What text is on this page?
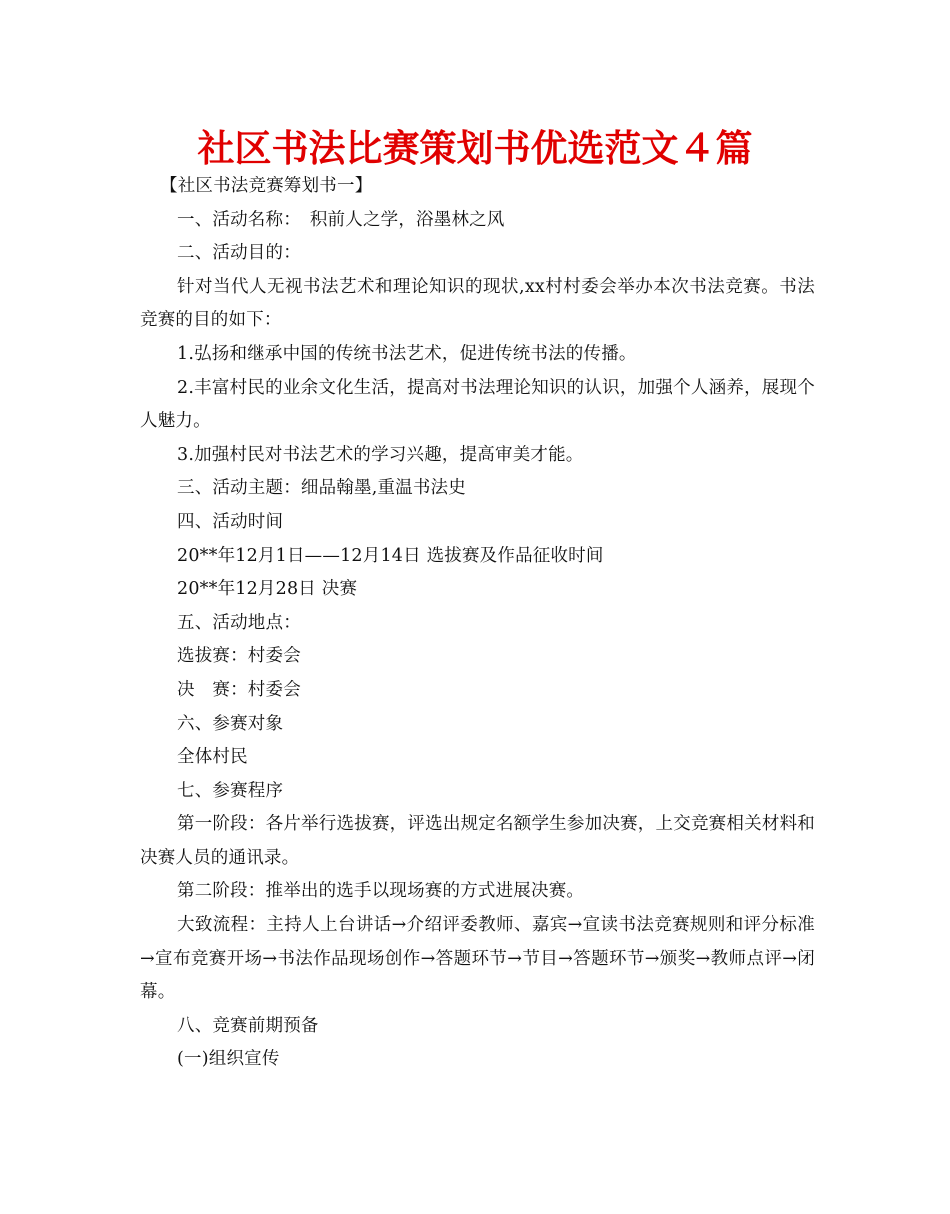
社区书法比赛策划书优选范文４篇

【社区书法竞赛筹划书一】

一、活动名称：　积前人之学，浴墨林之风

二、活动目的：

针对当代人无视书法艺术和理论知识的现状,xx村村委会举办本次书法竞赛。书法竞赛的目的如下：

1.弘扬和继承中国的传统书法艺术，促进传统书法的传播。

2.丰富村民的业余文化生活，提高对书法理论知识的认识，加强个人涵养，展现个人魅力。

3.加强村民对书法艺术的学习兴趣，提高审美才能。

三、活动主题：细品翰墨,重温书法史

四、活动时间

20**年12月1日——12月14日 选拔赛及作品征收时间

20**年12月28日 决赛

五、活动地点：

选拔赛：村委会

决　赛：村委会

六、参赛对象

全体村民

七、参赛程序

第一阶段：各片举行选拔赛，评选出规定名额学生参加决赛，上交竞赛相关材料和决赛人员的通讯录。

第二阶段：推举出的选手以现场赛的方式进展决赛。

大致流程：主持人上台讲话→介绍评委教师、嘉宾→宣读书法竞赛规则和评分标准→宣布竞赛开场→书法作品现场创作→答题环节→节目→答题环节→颁奖→教师点评→闭幕。

八、竞赛前期预备

(一)组织宣传
